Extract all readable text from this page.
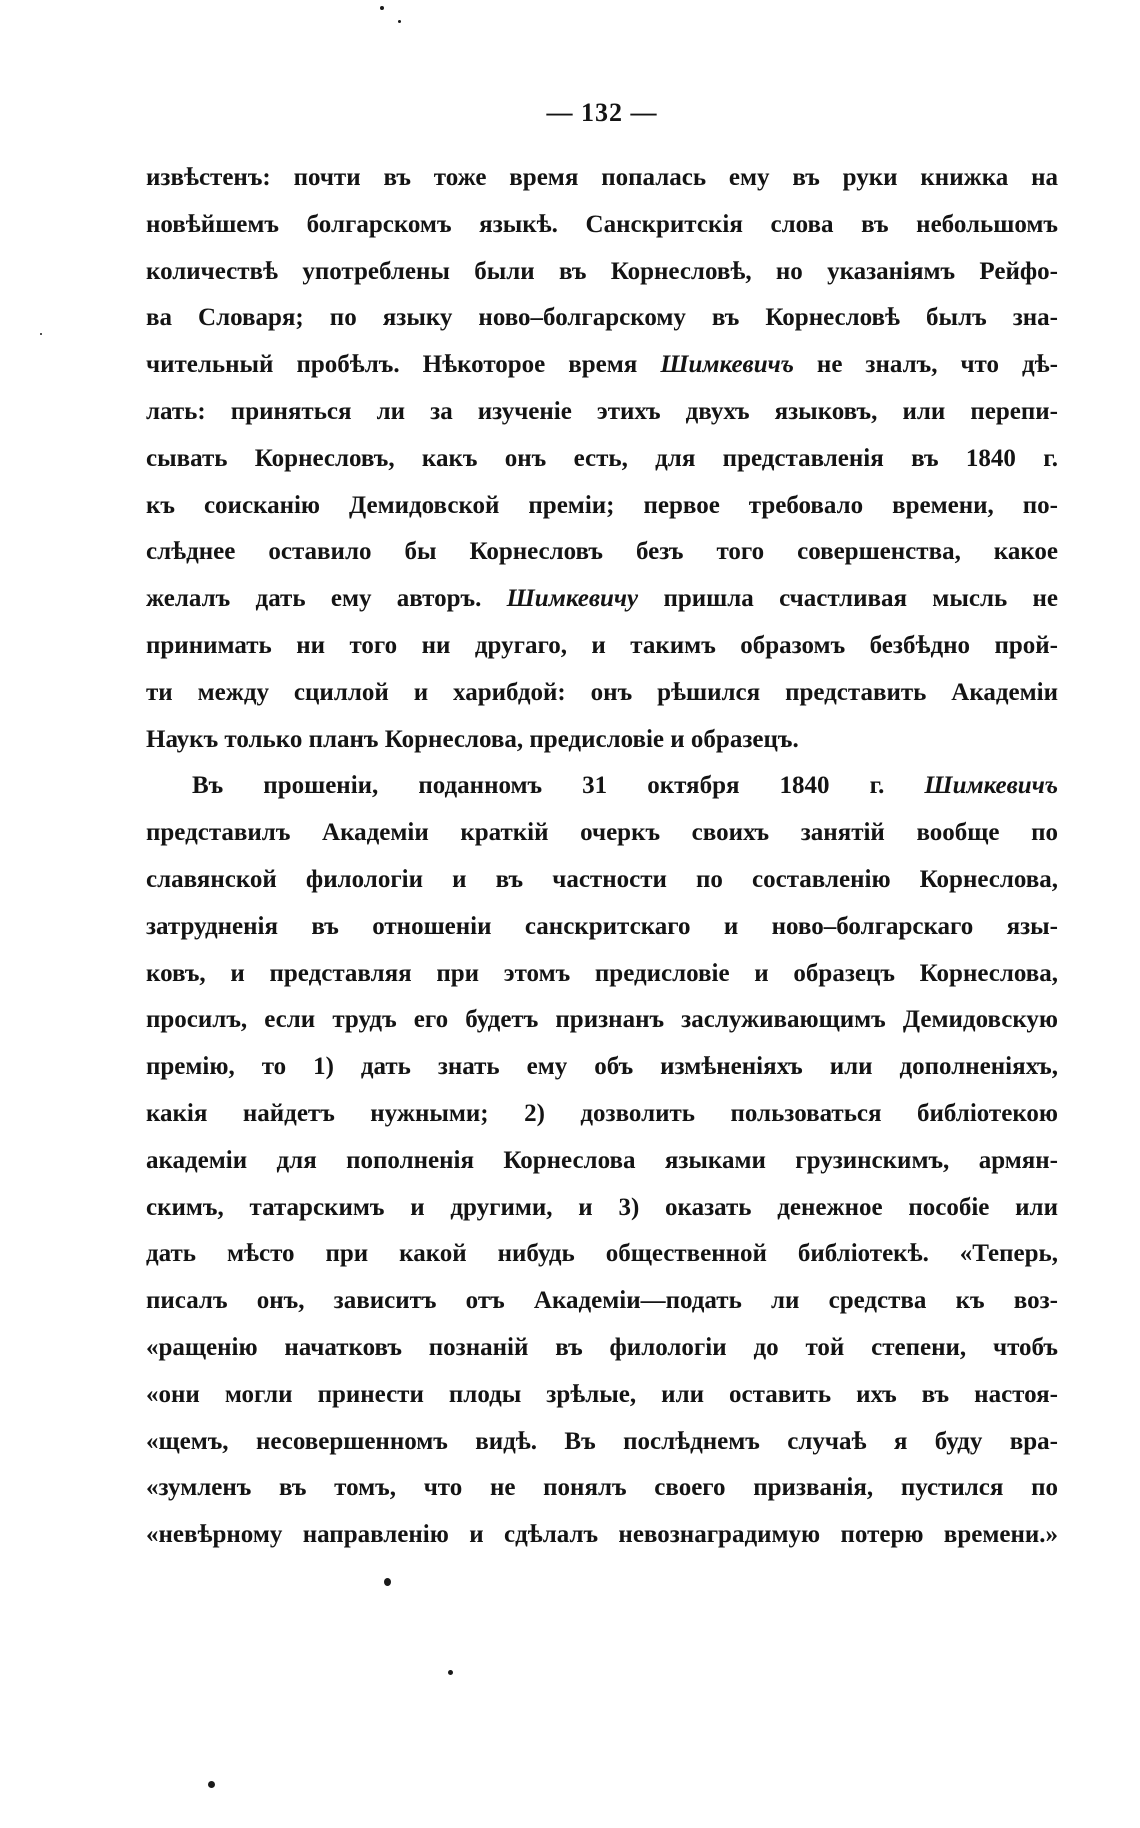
— 132 —
извѣстенъ: почти въ тоже время попалась ему въ руки книжка на
новѣйшемъ болгарскомъ языкѣ. Санскритскія слова въ небольшомъ
количествѣ употреблены были въ Корнесловѣ, но указаніямъ Рейфо-
ва Словаря; по языку ново–болгарскому въ Корнесловѣ былъ зна-
чительный пробѣлъ. Нѣкоторое время Шимкевичъ не зналъ, что дѣ-
лать: приняться ли за изученіе этихъ двухъ языковъ, или перепи-
сывать Корнесловъ, какъ онъ есть, для представленія въ 1840 г.
къ соисканію Демидовской преміи; первое требовало времени, по-
слѣднее оставило бы Корнесловъ безъ того совершенства, какое
желалъ дать ему авторъ. Шимкевичу пришла счастливая мысль не
принимать ни того ни другаго, и такимъ образомъ безбѣдно прой-
ти между сциллой и харибдой: онъ рѣшился представить Академіи
Наукъ только планъ Корнеслова, предисловіе и образецъ.
Въ прошеніи, поданномъ 31 октября 1840 г. Шимкевичъ
представилъ Академіи краткій очеркъ своихъ занятій вообще по
славянской филологіи и въ частности по составленію Корнеслова,
затрудненія въ отношеніи санскритскаго и ново–болгарскаго язы-
ковъ, и представляя при этомъ предисловіе и образецъ Корнеслова,
просилъ, если трудъ его будетъ признанъ заслуживающимъ Демидовскую
премію, то 1) дать знать ему объ измѣненіяхъ или дополненіяхъ,
какія найдетъ нужными; 2) дозволить пользоваться библіотекою
академіи для пополненія Корнеслова языками грузинскимъ, армян-
скимъ, татарскимъ и другими, и 3) оказать денежное пособіе или
дать мѣсто при какой нибудь общественной библіотекѣ. «Теперь,
писалъ онъ, зависитъ отъ Академіи—подать ли средства къ воз-
«ращенію начатковъ познаній въ филологіи до той степени, чтобъ
«они могли принести плоды зрѣлые, или оставить ихъ въ настоя-
«щемъ, несовершенномъ видѣ. Въ послѣднемъ случаѣ я буду вра-
«зумленъ въ томъ, что не понялъ своего призванія, пустился по
«невѣрному направленію и сдѣлалъ невознаградимую потерю времени.»
